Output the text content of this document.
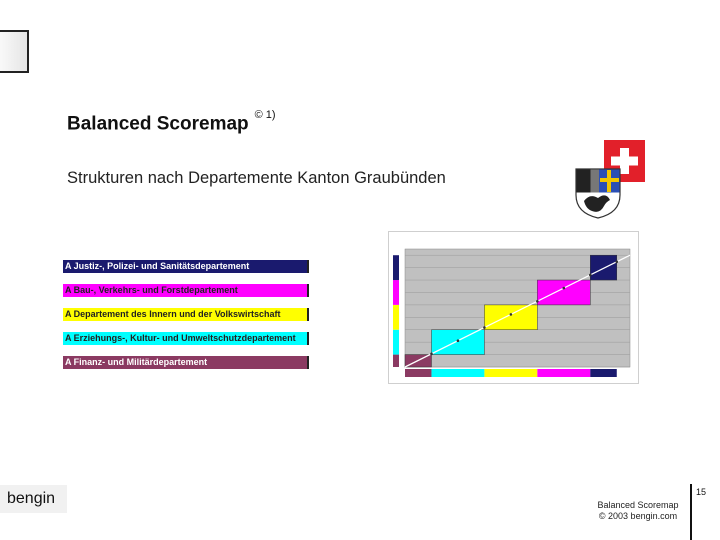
Balanced Scoremap $^{© 1)}$
Strukturen nach Departemente Kanton Graubünden
A Justiz-, Polizei- und Sanitätsdepartement
A Bau-, Verkehrs- und Forstdepartement
A Departement des Innern und der Volkswirtschaft
A Erziehungs-, Kultur- und Umweltschutzdepartement
A Finanz- und Militärdepartement
bengin	Balanced Scoremap
© 2003 bengin.com
15
